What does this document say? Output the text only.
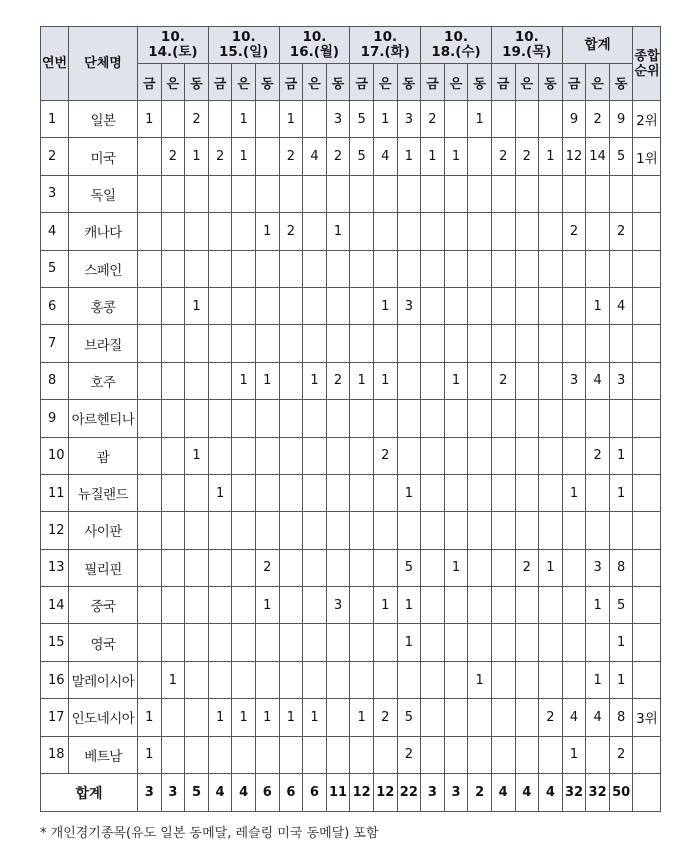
연번	단체명	10.
14.(토)			10.
15.(일)			10.
16.(월)			10.
17.(화)			10.
18.(수)			10.
19.(목)			합계			종합
순위
		금	은	동	금	은	동	금	은	동	금	은	동	금	은	동	금	은	동	금	은	동	
1	일본	1		2		1		1		3	5	1	3	2		1				9	2	9	2위
2	미국		2	1	2	1		2	4	2	5	4	1	1	1		2	2	1	12	14	5	1위
3	독일																						
4	캐나다						1	2		1										2		2	
5	스페인																						
6	홍콩			1								1	3								1	4	
7	브라질																						
8	호주					1	1		1	2	1	1			1		2			3	4	3	
9	아르헨티나																						
10	괌			1								2									2	1	
11	뉴질랜드				1								1							1		1	
12	사이판																						
13	필리핀						2						5		1			2	1		3	8	
14	중국						1			3		1	1								1	5	
15	영국												1									1	
16	말레이시아		1													1					1	1	
17	인도네시아	1			1	1	1	1	1		1	2	5						2	4	4	8	3위
18	베트남	1											2							1		2	
합계		3	3	5	4	4	6	6	6	11	12	12	22	3	3	2	4	4	4	32	32	50	
* 개인경기종목(유도 일본 동메달, 레슬링 미국 동메달) 포함
